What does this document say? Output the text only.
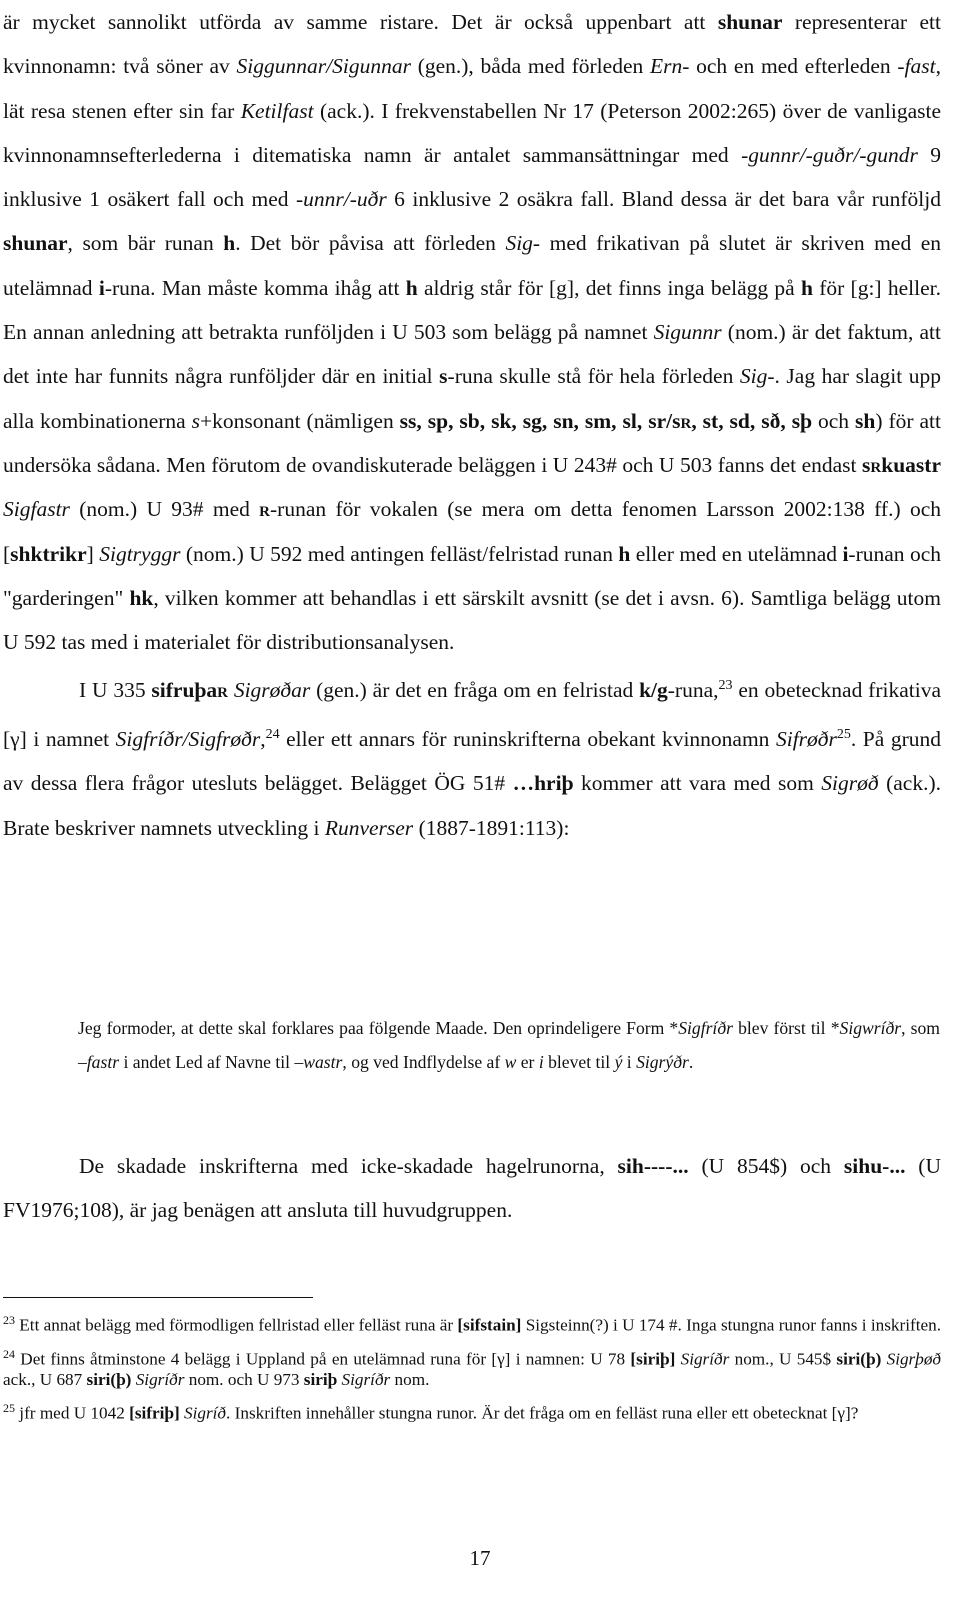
är mycket sannolikt utförda av samme ristare. Det är också uppenbart att shunar representerar ett kvinnonamn: två söner av Siggunnar/Sigunnar (gen.), båda med förleden Ern- och en med efterleden -fast, lät resa stenen efter sin far Ketilfast (ack.). I frekvenstabellen Nr 17 (Peterson 2002:265) över de vanligaste kvinnonamnsefterlederna i ditematiska namn är antalet sammansättningar med -gunnr/-guðr/-gundr 9 inklusive 1 osäkert fall och med -unnr/-uðr 6 inklusive 2 osäkra fall. Bland dessa är det bara vår runföljd shunar, som bär runan h. Det bör påvisa att förleden Sig- med frikativan på slutet är skriven med en utelämnad i-runa. Man måste komma ihåg att h aldrig står för [g], det finns inga belägg på h för [g:] heller. En annan anledning att betrakta runföljden i U 503 som belägg på namnet Sigunnr (nom.) är det faktum, att det inte har funnits några runföljder där en initial s-runa skulle stå för hela förleden Sig-. Jag har slagit upp alla kombinationerna s+konsonant (nämligen ss, sp, sb, sk, sg, sn, sm, sl, sr/sr, st, sd, sð, sþ och sh) för att undersöka sådana. Men förutom de ovandiskuterade beläggen i U 243# och U 503 fanns det endast srkuastr Sigfastr (nom.) U 93# med r-runan för vokalen (se mera om detta fenomen Larsson 2002:138 ff.) och [shktrikr] Sigtryggr (nom.) U 592 med antingen felläst/felristad runan h eller med en utelämnad i-runan och "garderingen" hk, vilken kommer att behandlas i ett särskilt avsnitt (se det i avsn. 6). Samtliga belägg utom U 592 tas med i materialet för distributionsanalysen.

I U 335 sifruþar Sigrøðar (gen.) är det en fråga om en felristad k/g-runa,$^{23}$ en obetecknad frikativa [γ] i namnet Sigfríðr/Sigfrøðr,$^{24}$ eller ett annars för runinskrifterna obekant kvinnonamn Sifrøðr$^{25}$. På grund av dessa flera frågor utesluts belägget. Belägget ÖG 51# …hriþ kommer att vara med som Sigrøð (ack.). Brate beskriver namnets utveckling i Runverser (1887-1891:113):

Jeg formoder, at dette skal forklares paa fölgende Maade. Den oprindeligere Form *Sigfríðr blev först til *Sigwríðr, som –fastr i andet Led af Navne til –wastr, og ved Indflydelse af w er i blevet til ý i Sigrýðr.

De skadade inskrifterna med icke-skadade hagelrunorna, sih----... (U 854$) och sihu-... (U FV1976;108), är jag benägen att ansluta till huvudgruppen.

$^{23}$ Ett annat belägg med förmodligen fellristad eller felläst runa är [sifstain] Sigsteinn(?) i U 174 #. Inga stungna runor fanns i inskriften.

$^{24}$ Det finns åtminstone 4 belägg i Uppland på en utelämnad runa för [γ] i namnen: U 78 [siriþ] Sigríðr nom., U 545$ siri(þ) Sigrþøð ack., U 687 siri(þ) Sigríðr nom. och U 973 siriþ Sigríðr nom.

$^{25}$ jfr med U 1042 [sifriþ] Sigríð. Inskriften innehåller stungna runor. Är det fråga om en felläst runa eller ett obetecknat [γ]?

17
